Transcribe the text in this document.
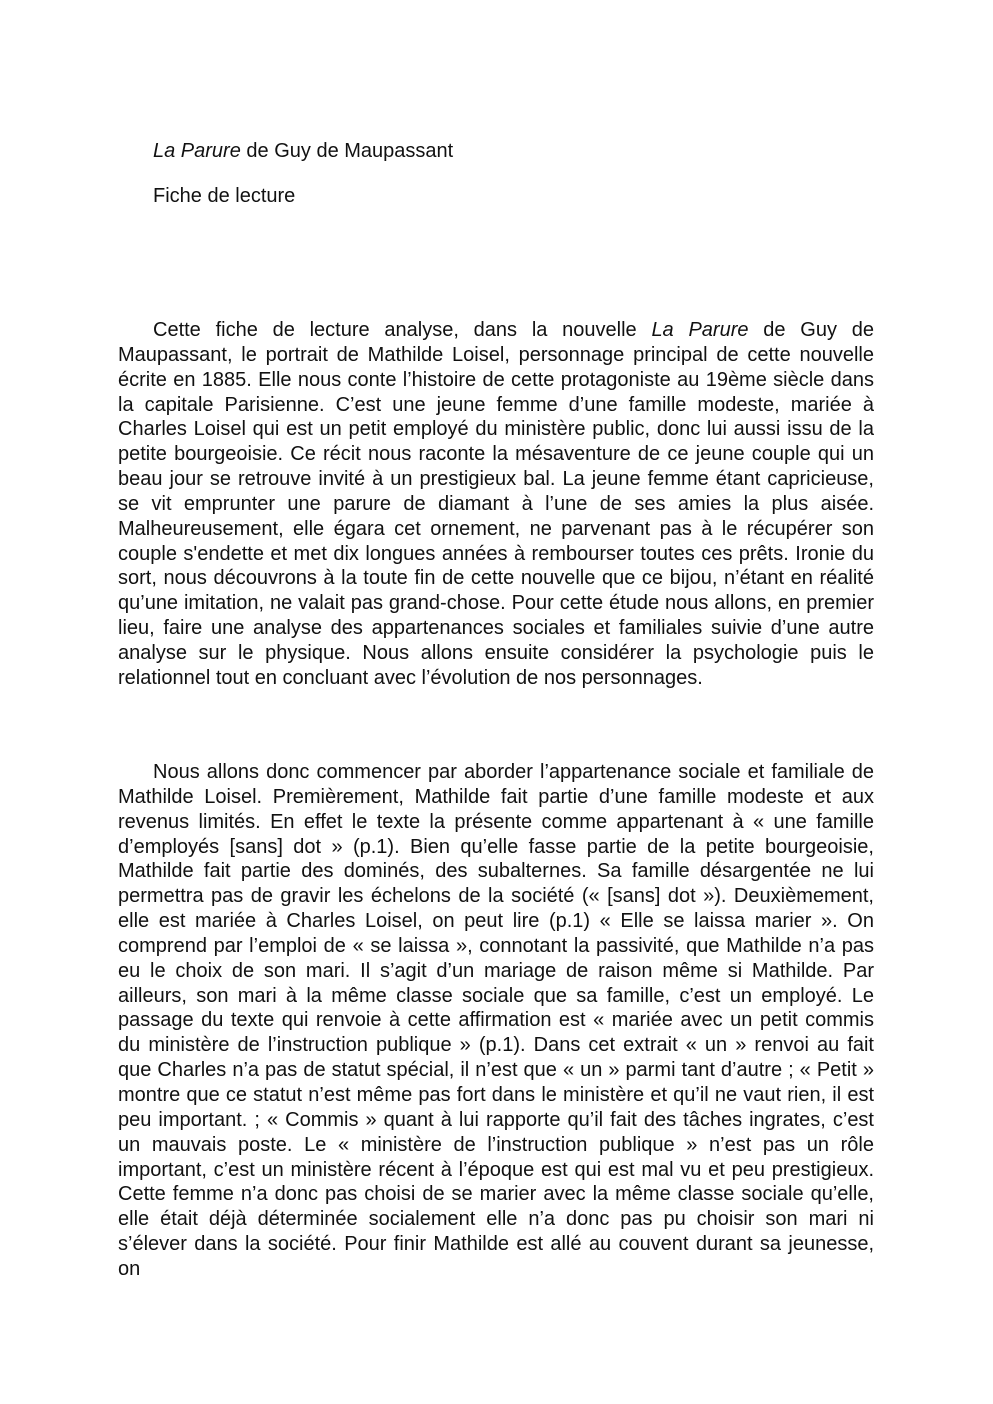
La Parure de Guy de Maupassant
Fiche de lecture

Cette fiche de lecture analyse, dans la nouvelle La Parure de Guy de Maupassant, le portrait de Mathilde Loisel, personnage principal de cette nouvelle écrite en 1885. Elle nous conte l’histoire de cette protagoniste au 19ème siècle dans la capitale Parisienne. C’est une jeune femme d’une famille modeste, mariée à Charles Loisel qui est un petit employé du ministère public, donc lui aussi issu de la petite bourgeoisie. Ce récit nous raconte la mésaventure de ce jeune couple qui un beau jour se retrouve invité à un prestigieux bal. La jeune femme étant capricieuse, se vit emprunter une parure de diamant à l’une de ses amies la plus aisée. Malheureusement, elle égara cet ornement, ne parvenant pas à le récupérer son couple s'endette et met dix longues années à rembourser toutes ces prêts. Ironie du sort, nous découvrons à la toute fin de cette nouvelle que ce bijou, n’étant en réalité qu’une imitation, ne valait pas grand-chose. Pour cette étude nous allons, en premier lieu, faire une analyse des appartenances sociales et familiales suivie d’une autre analyse sur le physique. Nous allons ensuite considérer la psychologie puis le relationnel tout en concluant avec l’évolution de nos personnages.

Nous allons donc commencer par aborder l’appartenance sociale et familiale de Mathilde Loisel. Premièrement, Mathilde fait partie d’une famille modeste et aux revenus limités. En effet le texte la présente comme appartenant à « une famille d’employés [sans] dot » (p.1). Bien qu’elle fasse partie de la petite bourgeoisie, Mathilde fait partie des dominés, des subalternes. Sa famille désargentée ne lui permettra pas de gravir les échelons de la société (« [sans] dot »). Deuxièmement, elle est mariée à Charles Loisel, on peut lire (p.1) « Elle se laissa marier ». On comprend par l’emploi de « se laissa », connotant la passivité, que Mathilde n’a pas eu le choix de son mari. Il s’agit d’un mariage de raison même si Mathilde. Par ailleurs, son mari à la même classe sociale que sa famille, c’est un employé. Le passage du texte qui renvoie à cette affirmation est « mariée avec un petit commis du ministère de l’instruction publique » (p.1). Dans cet extrait « un » renvoi au fait que Charles n’a pas de statut spécial, il n’est que « un » parmi tant d’autre ; « Petit » montre que ce statut n’est même pas fort dans le ministère et qu’il ne vaut rien, il est peu important. ; « Commis » quant à lui rapporte qu’il fait des tâches ingrates, c’est un mauvais poste. Le « ministère de l’instruction publique » n’est pas un rôle important, c’est un ministère récent à l’époque est qui est mal vu et peu prestigieux. Cette femme n’a donc pas choisi de se marier avec la même classe sociale qu’elle, elle était déjà déterminée socialement elle n’a donc pas pu choisir son mari ni s’élever dans la société. Pour finir Mathilde est allé au couvent durant sa jeunesse, on
